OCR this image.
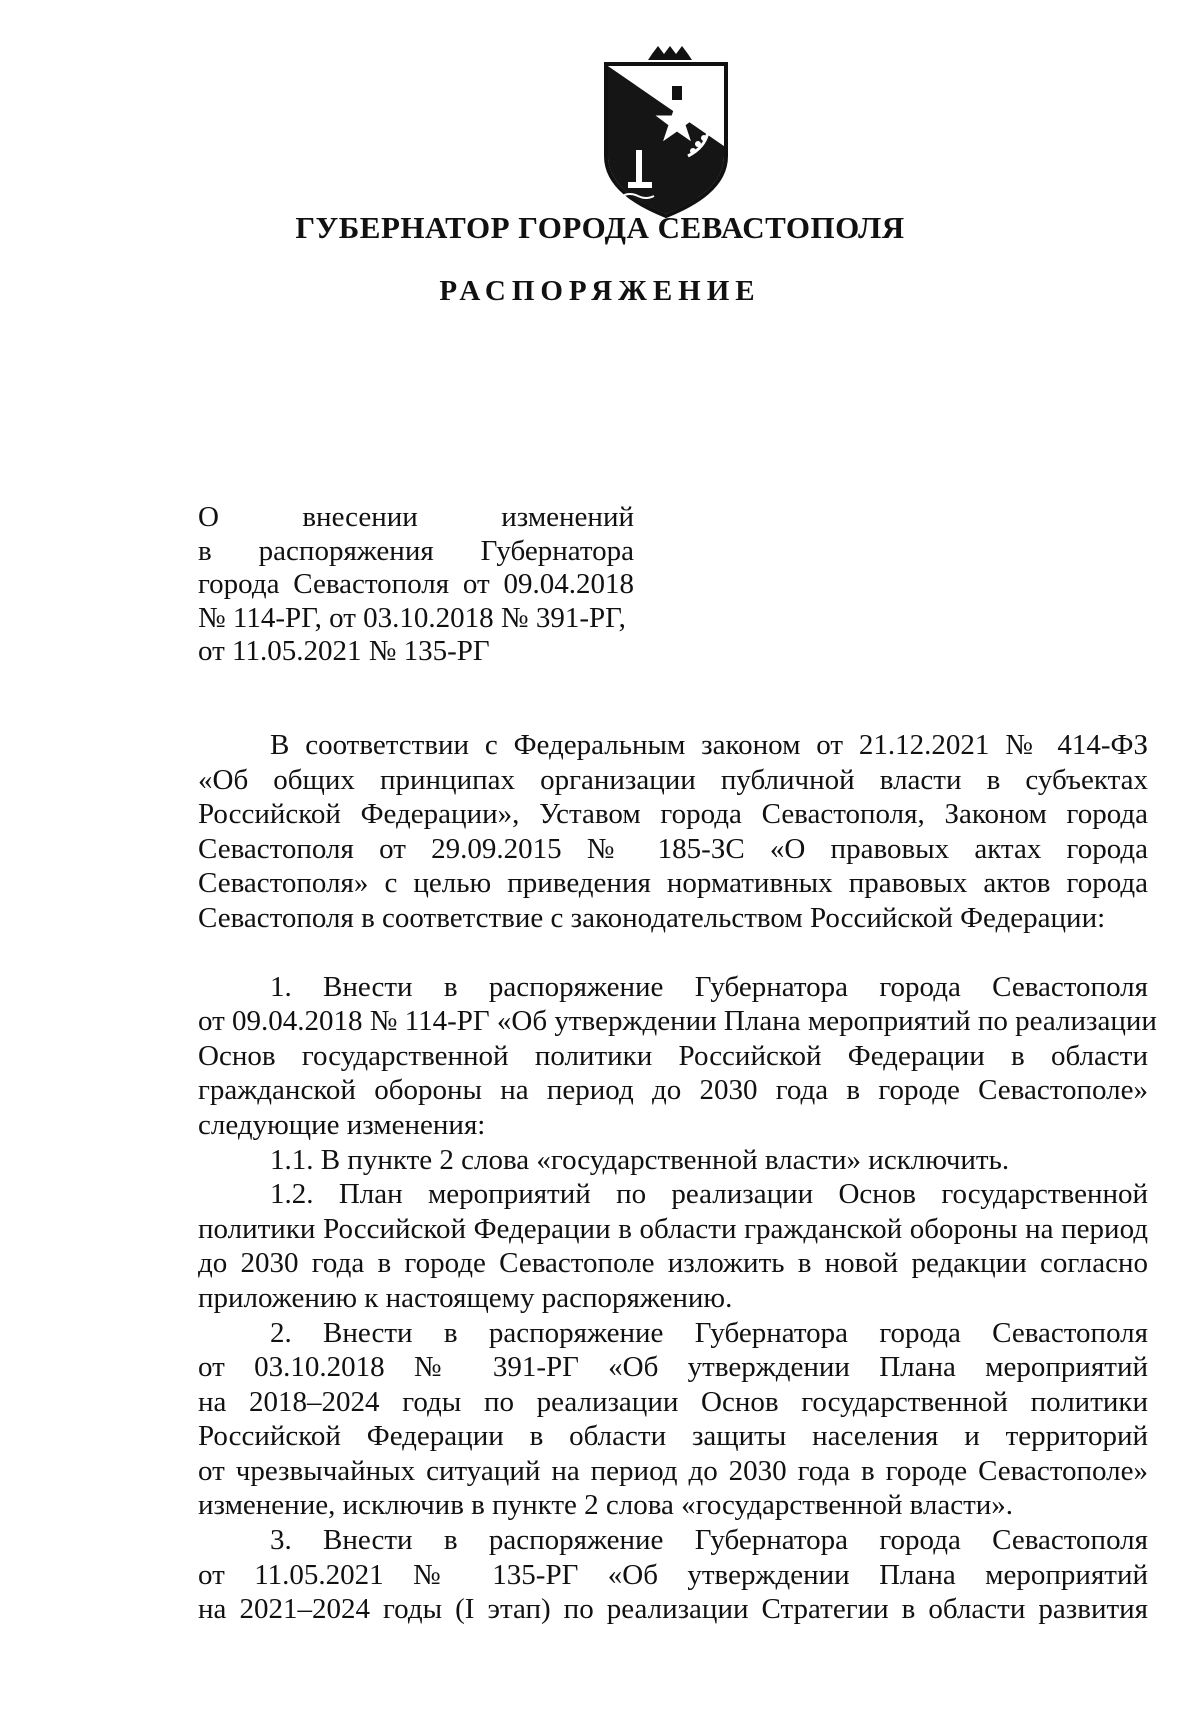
ГУБЕРНАТОР ГОРОДА СЕВАСТОПОЛЯ
РАСПОРЯЖЕНИЕ
О внесении изменений
в распоряжения Губернатора
города Севастополя от 09.04.2018
№ 114-РГ, от 03.10.2018 № 391-РГ,
от 11.05.2021 № 135-РГ
В соответствии с Федеральным законом от 21.12.2021 № 414-ФЗ
«Об общих принципах организации публичной власти в субъектах
Российской Федерации», Уставом города Севастополя, Законом города
Севастополя от 29.09.2015 № 185-ЗС «О правовых актах города
Севастополя» с целью приведения нормативных правовых актов города
Севастополя в соответствие с законодательством Российской Федерации:
1. Внести в распоряжение Губернатора города Севастополя
от 09.04.2018 № 114-РГ «Об утверждении Плана мероприятий по реализации
Основ государственной политики Российской Федерации в области
гражданской обороны на период до 2030 года в городе Севастополе»
следующие изменения:
1.1. В пункте 2 слова «государственной власти» исключить.
1.2. План мероприятий по реализации Основ государственной
политики Российской Федерации в области гражданской обороны на период
до 2030 года в городе Севастополе изложить в новой редакции согласно
приложению к настоящему распоряжению.
2. Внести в распоряжение Губернатора города Севастополя
от 03.10.2018 № 391-РГ «Об утверждении Плана мероприятий
на 2018–2024 годы по реализации Основ государственной политики
Российской Федерации в области защиты населения и территорий
от чрезвычайных ситуаций на период до 2030 года в городе Севастополе»
изменение, исключив в пункте 2 слова «государственной власти».
3. Внести в распоряжение Губернатора города Севастополя
от 11.05.2021 № 135-РГ «Об утверждении Плана мероприятий
на 2021–2024 годы (I этап) по реализации Стратегии в области развития
